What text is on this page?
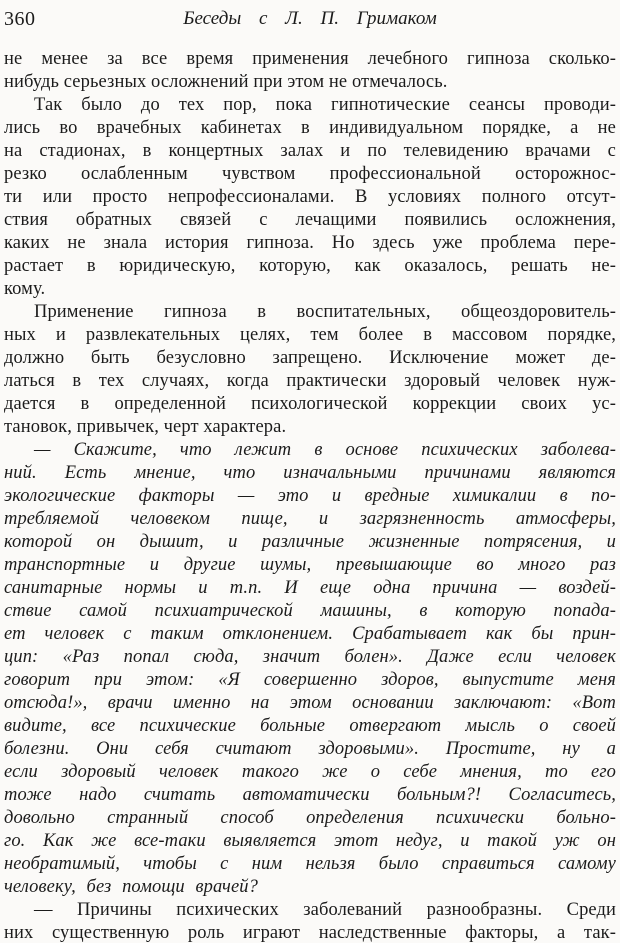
360	Беседы с Л. П. Гримаком
не менее за все время применения лечебного гипноза сколько-
нибудь серьезных осложнений при этом не отмечалось.
Так было до тех пор, пока гипнотические сеансы проводи-
лись во врачебных кабинетах в индивидуальном порядке, а не
на стадионах, в концертных залах и по телевидению врачами с
резко ослабленным чувством профессиональной осторожнос-
ти или просто непрофессионалами. В условиях полного отсут-
ствия обратных связей с лечащими появились осложнения,
каких не знала история гипноза. Но здесь уже проблема пере-
растает в юридическую, которую, как оказалось, решать не-
кому.
Применение гипноза в воспитательных, общеоздоровитель-
ных и развлекательных целях, тем более в массовом порядке,
должно быть безусловно запрещено. Исключение может де-
латься в тех случаях, когда практически здоровый человек нуж-
дается в определенной психологической коррекции своих ус-
тановок, привычек, черт характера.
— Скажите, что лежит в основе психических заболева-
ний. Есть мнение, что изначальными причинами являются
экологические факторы — это и вредные химикалии в по-
требляемой человеком пище, и загрязненность атмосферы,
которой он дышит, и различные жизненные потрясения, и
транспортные и другие шумы, превышающие во много раз
санитарные нормы и т.п. И еще одна причина — воздей-
ствие самой психиатрической машины, в которую попада-
ет человек с таким отклонением. Срабатывает как бы прин-
цип: «Раз попал сюда, значит болен». Даже если человек
говорит при этом: «Я совершенно здоров, выпустите меня
отсюда!», врачи именно на этом основании заключают: «Вот
видите, все психические больные отвергают мысль о своей
болезни. Они себя считают здоровыми». Простите, ну а
если здоровый человек такого же о себе мнения, то его
тоже надо считать автоматически больным?! Согласитесь,
довольно странный способ определения психически больно-
го. Как же все-таки выявляется этот недуг, и такой уж он
необратимый, чтобы с ним нельзя было справиться самому
человеку, без помощи врачей?
— Причины психических заболеваний разнообразны. Среди
них существенную роль играют наследственные факторы, а так-
